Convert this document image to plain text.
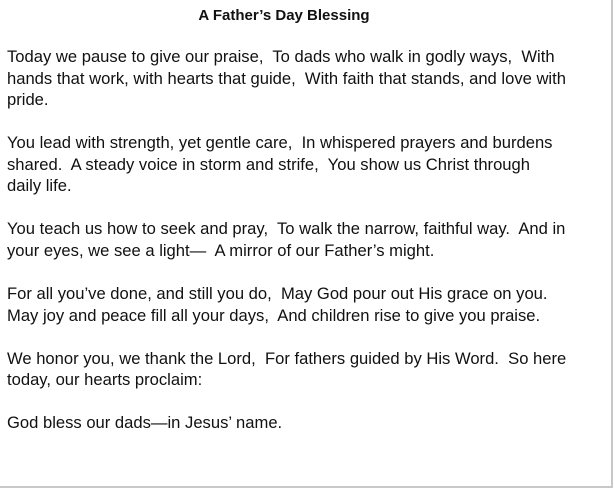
A Father’s Day Blessing

Today we pause to give our praise,  To dads who walk in godly ways,  With hands that work, with hearts that guide,  With faith that stands, and love with pride.

You lead with strength, yet gentle care,  In whispered prayers and burdens shared.  A steady voice in storm and strife,  You show us Christ through daily life.

You teach us how to seek and pray,  To walk the narrow, faithful way.  And in your eyes, we see a light—  A mirror of our Father’s might.

For all you’ve done, and still you do,  May God pour out His grace on you.  May joy and peace fill all your days,  And children rise to give you praise.

We honor you, we thank the Lord,  For fathers guided by His Word.  So here today, our hearts proclaim:

God bless our dads—in Jesus’ name.
